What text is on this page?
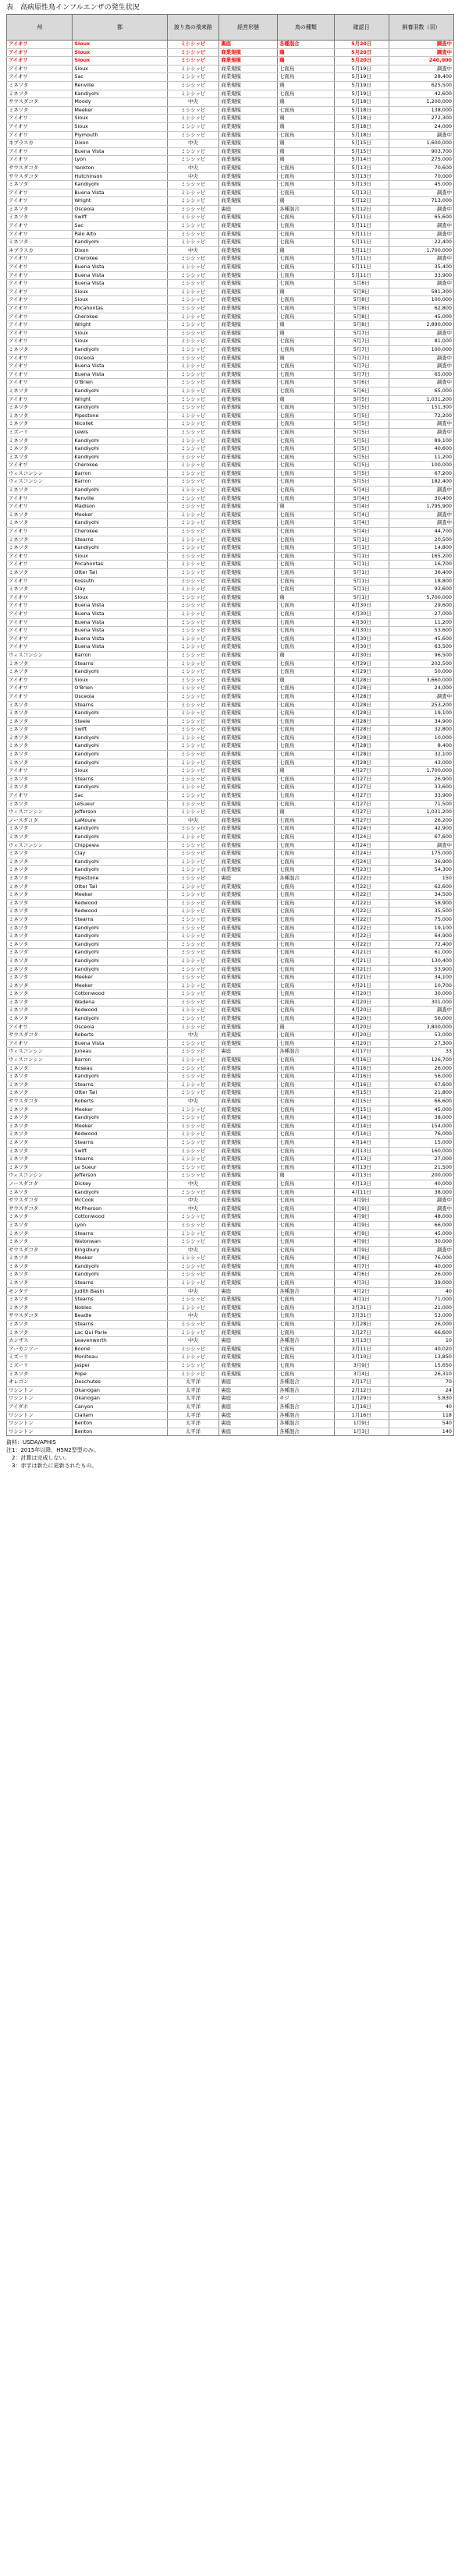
表　高病原性鳥インフルエンザの発生状況
州	郡	渡り鳥の飛来路	経営形態	鳥の種類	確認日	飼養羽数（羽）
アイオワ	Sioux	ミシシッピ	裏庭	各種混合	5月20日	調査中
アイオワ	Sioux	ミシシッピ	商業規模	鶏	5月20日	調査中
アイオワ	Sioux	ミシシッピ	商業規模	鶏	5月20日	240,000
アイオワ	Sioux	ミシシッピ	商業規模	七面鳥	5月19日	調査中
アイオワ	Sac	ミシシッピ	商業規模	七面鳥	5月19日	28,400
ミネソタ	Renville	ミシシッピ	商業規模	鶏	5月19日	625,500
ミネソタ	Kandiyohi	ミシシッピ	商業規模	七面鳥	5月19日	42,600
サウスダコタ	Moody	中央	商業規模	鶏	5月18日	1,200,000
ミネソタ	Meeker	ミシシッピ	商業規模	七面鳥	5月18日	138,000
アイオワ	Sioux	ミシシッピ	商業規模	鶏	5月18日	272,300
アイオワ	Sioux	ミシシッピ	商業規模	鶏	5月18日	24,000
アイオワ	Plymouth	ミシシッピ	商業規模	七面鳥	5月18日	調査中
ネブラスカ	Dixon	中央	商業規模	鶏	5月15日	1,600,000
アイオワ	Buena Vista	ミシシッピ	商業規模	鶏	5月15日	903,700
アイオワ	Lyon	ミシシッピ	商業規模	鶏	5月14日	275,000
サウスダコタ	Yankton	中央	商業規模	七面鳥	5月13日	70,600
サウスダコタ	Hutchinson	中央	商業規模	七面鳥	5月13日	70,000
ミネソタ	Kandiyohi	ミシシッピ	商業規模	七面鳥	5月13日	45,000
アイオワ	Buena Vista	ミシシッピ	商業規模	七面鳥	5月13日	調査中
アイオワ	Wright	ミシシッピ	商業規模	鶏	5月12日	713,000
ミネソタ	Osceola	ミシシッピ	裏庭	各種混合	5月12日	調査中
ミネソタ	Swift	ミシシッピ	商業規模	七面鳥	5月11日	65,600
アイオワ	Sac	ミシシッピ	商業規模	七面鳥	5月11日	調査中
アイオワ	Palo Alto	ミシシッピ	商業規模	七面鳥	5月11日	調査中
ミネソタ	Kandiyohi	ミシシッピ	商業規模	七面鳥	5月11日	22,400
ネブラスカ	Dixon	中央	商業規模	鶏	5月11日	1,700,000
アイオワ	Cherokee	ミシシッピ	商業規模	七面鳥	5月11日	調査中
アイオワ	Buena Vista	ミシシッピ	商業規模	七面鳥	5月11日	35,400
アイオワ	Buena Vista	ミシシッピ	商業規模	七面鳥	5月11日	33,900
アイオワ	Buena Vista	ミシシッピ	商業規模	七面鳥	5月8日	調査中
アイオワ	Sioux	ミシシッピ	商業規模	鶏	5月8日	581,300
アイオワ	Sioux	ミシシッピ	商業規模	七面鳥	5月8日	100,000
アイオワ	Pocahontas	ミシシッピ	商業規模	七面鳥	5月8日	62,800
アイオワ	Cherokee	ミシシッピ	商業規模	七面鳥	5月8日	45,000
アイオワ	Wright	ミシシッピ	商業規模	鶏	5月8日	2,890,000
アイオワ	Sioux	ミシシッピ	商業規模	鶏	5月7日	調査中
アイオワ	Sioux	ミシシッピ	商業規模	七面鳥	5月7日	81,000
ミネソタ	Kandiyohi	ミシシッピ	商業規模	七面鳥	5月7日	100,000
アイオワ	Osceola	ミシシッピ	商業規模	鶏	5月7日	調査中
アイオワ	Buena Vista	ミシシッピ	商業規模	七面鳥	5月7日	調査中
アイオワ	Buena Vista	ミシシッピ	商業規模	七面鳥	5月7日	65,000
アイオワ	O'Brien	ミシシッピ	商業規模	七面鳥	5月6日	調査中
ミネソタ	Kandiyohi	ミシシッピ	商業規模	七面鳥	5月6日	65,000
アイオワ	Wright	ミシシッピ	商業規模	鶏	5月5日	1,031,200
ミネソタ	Kandiyohi	ミシシッピ	商業規模	七面鳥	5月5日	151,300
ミネソタ	Pipestone	ミシシッピ	商業規模	七面鳥	5月5日	72,200
ミネソタ	Nicollet	ミシシッピ	商業規模	七面鳥	5月5日	調査中
ミズーリ	Lewis	ミシシッピ	商業規模	七面鳥	5月5日	調査中
ミネソタ	Kandiyohi	ミシシッピ	商業規模	七面鳥	5月5日	89,100
ミネソタ	Kandiyohi	ミシシッピ	商業規模	七面鳥	5月5日	40,600
ミネソタ	Kandiyohi	ミシシッピ	商業規模	七面鳥	5月5日	11,200
アイオワ	Cherokee	ミシシッピ	商業規模	七面鳥	5月5日	100,000
ウィスコンシン	Barron	ミシシッピ	商業規模	七面鳥	5月5日	67,200
ウィスコンシン	Barron	ミシシッピ	商業規模	七面鳥	5月5日	182,400
ミネソタ	Kandiyohi	ミシシッピ	商業規模	七面鳥	5月4日	調査中
アイオワ	Renville	ミシシッピ	商業規模	七面鳥	5月4日	30,400
アイオワ	Madison	ミシシッピ	商業規模	鶏	5月4日	1,795,900
ミネソタ	Meeker	ミシシッピ	商業規模	七面鳥	5月4日	調査中
ミネソタ	Kandiyohi	ミシシッピ	商業規模	七面鳥	5月4日	調査中
アイオワ	Cherokee	ミシシッピ	商業規模	七面鳥	5月4日	44,700
ミネソタ	Stearns	ミシシッピ	商業規模	七面鳥	5月1日	20,500
ミネソタ	Kandiyohi	ミシシッピ	商業規模	七面鳥	5月1日	14,800
アイオワ	Sioux	ミシシッピ	商業規模	七面鳥	5月1日	165,200
アイオワ	Pocahontas	ミシシッピ	商業規模	七面鳥	5月1日	16,700
ミネソタ	Otter Tail	ミシシッピ	商業規模	七面鳥	5月1日	36,400
アイオワ	Kossuth	ミシシッピ	商業規模	七面鳥	5月1日	18,800
ミネソタ	Clay	ミシシッピ	商業規模	七面鳥	5月1日	93,600
アイオワ	Sioux	ミシシッピ	商業規模	鶏	5月1日	5,700,000
アイオワ	Buena Vista	ミシシッピ	商業規模	七面鳥	4月30日	29,600
アイオワ	Buena Vista	ミシシッピ	商業規模	七面鳥	4月30日	27,000
アイオワ	Buena Vista	ミシシッピ	商業規模	七面鳥	4月30日	11,200
アイオワ	Buena Vista	ミシシッピ	商業規模	七面鳥	4月30日	53,600
アイオワ	Buena Vista	ミシシッピ	商業規模	七面鳥	4月30日	45,600
アイオワ	Buena Vista	ミシシッピ	商業規模	七面鳥	4月30日	63,500
ウィスコンシン	Barron	ミシシッピ	商業規模	鶏	4月30日	96,500
ミネソタ	Stearns	ミシシッピ	商業規模	七面鳥	4月29日	202,500
ミネソタ	Kandiyohi	ミシシッピ	商業規模	七面鳥	4月29日	50,000
アイオワ	Sioux	ミシシッピ	商業規模	鶏	4月28日	3,660,000
アイオワ	O'Brien	ミシシッピ	商業規模	七面鳥	4月28日	24,000
アイオワ	Osceola	ミシシッピ	商業規模	七面鳥	4月28日	調査中
ミネソタ	Stearns	ミシシッピ	商業規模	七面鳥	4月28日	253,200
ミネソタ	Kandiyohi	ミシシッピ	商業規模	七面鳥	4月28日	19,100
ミネソタ	Steele	ミシシッピ	商業規模	七面鳥	4月28日	34,900
ミネソタ	Swift	ミシシッピ	商業規模	七面鳥	4月28日	32,800
ミネソタ	Kandiyohi	ミシシッピ	商業規模	七面鳥	4月28日	10,000
ミネソタ	Kandiyohi	ミシシッピ	商業規模	七面鳥	4月28日	8,400
ミネソタ	Kandiyohi	ミシシッピ	商業規模	七面鳥	4月28日	32,100
ミネソタ	Kandiyohi	ミシシッピ	商業規模	七面鳥	4月28日	43,000
アイオワ	Sioux	ミシシッピ	商業規模	鶏	4月27日	1,700,000
ミネソタ	Stearns	ミシシッピ	商業規模	七面鳥	4月27日	26,900
ミネソタ	Kandiyohi	ミシシッピ	商業規模	七面鳥	4月27日	33,600
アイオワ	Sac	ミシシッピ	商業規模	七面鳥	4月27日	33,900
ミネソタ	LeSueur	ミシシッピ	商業規模	七面鳥	4月27日	71,500
ウィスコンシン	Jefferson	ミシシッピ	商業規模	鶏	4月27日	1,031,200
ノースダコタ	LaMoure	中央	商業規模	七面鳥	4月27日	26,200
ミネソタ	Kandiyohi	ミシシッピ	商業規模	七面鳥	4月24日	42,900
ミネソタ	Kandiyohi	ミシシッピ	商業規模	七面鳥	4月24日	67,600
ウィスコンシン	Chippewa	ミシシッピ	商業規模	七面鳥	4月24日	調査中
ミネソタ	Clay	ミシシッピ	商業規模	七面鳥	4月24日	175,000
ミネソタ	Kandiyohi	ミシシッピ	商業規模	七面鳥	4月24日	36,900
ミネソタ	Kandiyohi	ミシシッピ	商業規模	七面鳥	4月23日	54,300
ミネソタ	Pipestone	ミシシッピ	裏庭	各種混合	4月22日	150
ミネソタ	Otter Tail	ミシシッピ	商業規模	七面鳥	4月22日	62,600
ミネソタ	Meeker	ミシシッピ	商業規模	七面鳥	4月22日	34,500
ミネソタ	Redwood	ミシシッピ	商業規模	七面鳥	4月22日	58,900
ミネソタ	Redwood	ミシシッピ	商業規模	七面鳥	4月22日	35,500
ミネソタ	Stearns	ミシシッピ	商業規模	七面鳥	4月22日	75,000
ミネソタ	Kandiyohi	ミシシッピ	商業規模	七面鳥	4月22日	19,100
ミネソタ	Kandiyohi	ミシシッピ	商業規模	七面鳥	4月22日	64,900
ミネソタ	Kandiyohi	ミシシッピ	商業規模	七面鳥	4月22日	72,400
ミネソタ	Kandiyohi	ミシシッピ	商業規模	七面鳥	4月21日	61,000
ミネソタ	Kandiyohi	ミシシッピ	商業規模	七面鳥	4月21日	130,400
ミネソタ	Kandiyohi	ミシシッピ	商業規模	七面鳥	4月21日	53,900
ミネソタ	Meeker	ミシシッピ	商業規模	七面鳥	4月21日	34,100
ミネソタ	Meeker	ミシシッピ	商業規模	七面鳥	4月21日	10,700
ミネソタ	Cottonwood	ミシシッピ	商業規模	七面鳥	4月20日	30,000
ミネソタ	Wadena	ミシシッピ	商業規模	七面鳥	4月20日	301,000
ミネソタ	Redwood	ミシシッピ	商業規模	七面鳥	4月20日	調査中
ミネソタ	Kandiyohi	ミシシッピ	商業規模	七面鳥	4月20日	56,000
アイオワ	Osceola	ミシシッピ	商業規模	鶏	4月20日	3,800,000
サウスダコタ	Roberts	中央	商業規模	七面鳥	4月20日	53,000
アイオワ	Buena Vista	ミシシッピ	商業規模	七面鳥	4月20日	27,300
ウィスコンシン	Juneau	ミシシッピ	裏庭	各種混合	4月17日	33
ウィスコンシン	Barron	ミシシッピ	商業規模	七面鳥	4月16日	126,700
ミネソタ	Roseau	ミシシッピ	商業規模	七面鳥	4月16日	26,000
ミネソタ	Kandiyohi	ミシシッピ	商業規模	七面鳥	4月16日	56,000
ミネソタ	Stearns	ミシシッピ	商業規模	七面鳥	4月16日	67,600
ミネソタ	Otter Tail	ミシシッピ	商業規模	七面鳥	4月15日	21,800
サウスダコタ	Roberts	中央	商業規模	七面鳥	4月15日	66,600
ミネソタ	Meeker	ミシシッピ	商業規模	七面鳥	4月15日	45,000
ミネソタ	Kandiyohi	ミシシッピ	商業規模	七面鳥	4月14日	38,000
ミネソタ	Meeker	ミシシッピ	商業規模	七面鳥	4月14日	154,000
ミネソタ	Redwood	ミシシッピ	商業規模	七面鳥	4月14日	76,000
ミネソタ	Stearns	ミシシッピ	商業規模	七面鳥	4月14日	15,000
ミネソタ	Swift	ミシシッピ	商業規模	七面鳥	4月13日	160,000
ミネソタ	Stearns	ミシシッピ	商業規模	七面鳥	4月13日	27,000
ミネソタ	Le Sueur	ミシシッピ	商業規模	七面鳥	4月13日	21,500
ウィスコンシン	Jefferson	ミシシッピ	商業規模	鶏	4月13日	200,000
ノースダコタ	Dickey	中央	商業規模	七面鳥	4月13日	40,000
ミネソタ	Kandiyohi	ミシシッピ	商業規模	七面鳥	4月11日	38,000
サウスダコタ	McCook	中央	商業規模	七面鳥	4月9日	調査中
サウスダコタ	McPherson	中央	商業規模	七面鳥	4月9日	調査中
ミネソタ	Cottonwood	ミシシッピ	商業規模	七面鳥	4月9日	48,000
ミネソタ	Lyon	ミシシッピ	商業規模	七面鳥	4月9日	66,000
ミネソタ	Stearns	ミシシッピ	商業規模	七面鳥	4月9日	45,000
ミネソタ	Watonwan	ミシシッピ	商業規模	七面鳥	4月9日	30,000
サウスダコタ	Kingsbury	中央	商業規模	七面鳥	4月9日	調査中
ミネソタ	Meeker	ミシシッピ	商業規模	七面鳥	4月8日	76,000
ミネソタ	Kandiyohi	ミシシッピ	商業規模	七面鳥	4月7日	40,000
ミネソタ	Kandiyohi	ミシシッピ	商業規模	七面鳥	4月6日	26,000
ミネソタ	Stearns	ミシシッピ	商業規模	七面鳥	4月3日	39,000
モンタナ	Judith Basin	中央	裏庭	各種混合	4月2日	40
ミネソタ	Stearns	ミシシッピ	商業規模	七面鳥	4月1日	71,000
ミネソタ	Nobles	ミシシッピ	商業規模	七面鳥	3月31日	21,000
サウスダコタ	Beadle	中央	商業規模	七面鳥	3月31日	53,000
ミネソタ	Stearns	ミシシッピ	商業規模	七面鳥	3月28日	26,000
ミネソタ	Lac Qui Parle	ミシシッピ	商業規模	七面鳥	3月27日	66,600
カンザス	Leavenworth	中央	裏庭	各種混合	3月13日	10
アーカンソー	Boone	ミシシッピ	商業規模	七面鳥	3月11日	40,020
ミズーリ	Moniteau	ミシシッピ	商業規模	七面鳥	3月10日	13,850
ミズーリ	Jasper	ミシシッピ	商業規模	七面鳥	3月9日	15,650
ミネソタ	Pope	ミシシッピ	商業規模	七面鳥	3月4日	26,310
オレゴン	Deschutes	太平洋	裏庭	各種混合	2月17日	70
ワシントン	Okanogan	太平洋	裏庭	各種混合	2月12日	24
ワシントン	Okanogan	太平洋	裏庭	キジ	1月29日	5,830
アイダホ	Canyon	太平洋	裏庭	各種混合	1月16日	40
ワシントン	Clallam	太平洋	裏庭	各種混合	1月16日	118
ワシントン	Benton	太平洋	裏庭	各種混合	1月9日	540
ワシントン	Benton	太平洋	裏庭	各種混合	1月3日	140
資料：USDA/APHIS
注1：2015年以降、H5N2型型のみ。
　2：計算は完成しない。
　3：赤字は新たに更新されたもの。
